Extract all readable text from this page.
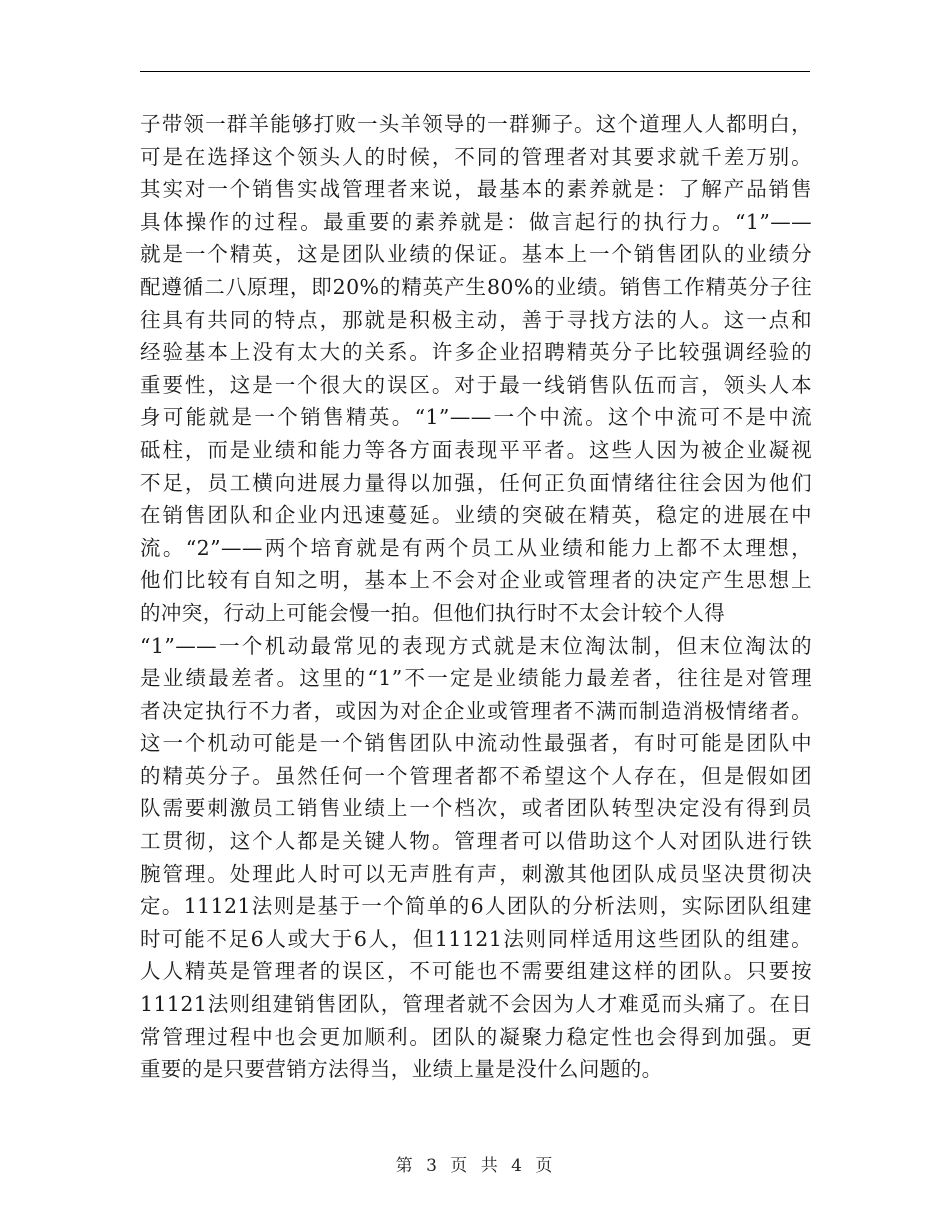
子带领一群羊能够打败一头羊领导的一群狮子。这个道理人人都明白，
可是在选择这个领头人的时候，不同的管理者对其要求就千差万别。
其实对一个销售实战管理者来说，最基本的素养就是：了解产品销售
具体操作的过程。最重要的素养就是：做言起行的执行力。“1”——
就是一个精英，这是团队业绩的保证。基本上一个销售团队的业绩分
配遵循二八原理，即20%的精英产生80%的业绩。销售工作精英分子往
往具有共同的特点，那就是积极主动，善于寻找方法的人。这一点和
经验基本上没有太大的关系。许多企业招聘精英分子比较强调经验的
重要性，这是一个很大的误区。对于最一线销售队伍而言，领头人本
身可能就是一个销售精英。“1”——一个中流。这个中流可不是中流
砥柱，而是业绩和能力等各方面表现平平者。这些人因为被企业凝视
不足，员工横向进展力量得以加强，任何正负面情绪往往会因为他们
在销售团队和企业内迅速蔓延。业绩的突破在精英，稳定的进展在中
流。“2”——两个培育就是有两个员工从业绩和能力上都不太理想，
他们比较有自知之明，基本上不会对企业或管理者的决定产生思想上
的冲突，行动上可能会慢一拍。但他们执行时不太会计较个人得
“1”——一个机动最常见的表现方式就是末位淘汰制，但末位淘汰的
是业绩最差者。这里的“1”不一定是业绩能力最差者，往往是对管理
者决定执行不力者，或因为对企企业或管理者不满而制造消极情绪者。
这一个机动可能是一个销售团队中流动性最强者，有时可能是团队中
的精英分子。虽然任何一个管理者都不希望这个人存在，但是假如团
队需要刺激员工销售业绩上一个档次，或者团队转型决定没有得到员
工贯彻，这个人都是关键人物。管理者可以借助这个人对团队进行铁
腕管理。处理此人时可以无声胜有声，刺激其他团队成员坚决贯彻决
定。11121法则是基于一个简单的6人团队的分析法则，实际团队组建
时可能不足6人或大于6人，但11121法则同样适用这些团队的组建。
人人精英是管理者的误区，不可能也不需要组建这样的团队。只要按
11121法则组建销售团队，管理者就不会因为人才难觅而头痛了。在日
常管理过程中也会更加顺利。团队的凝聚力稳定性也会得到加强。更
重要的是只要营销方法得当，业绩上量是没什么问题的。
第 3 页 共 4 页
